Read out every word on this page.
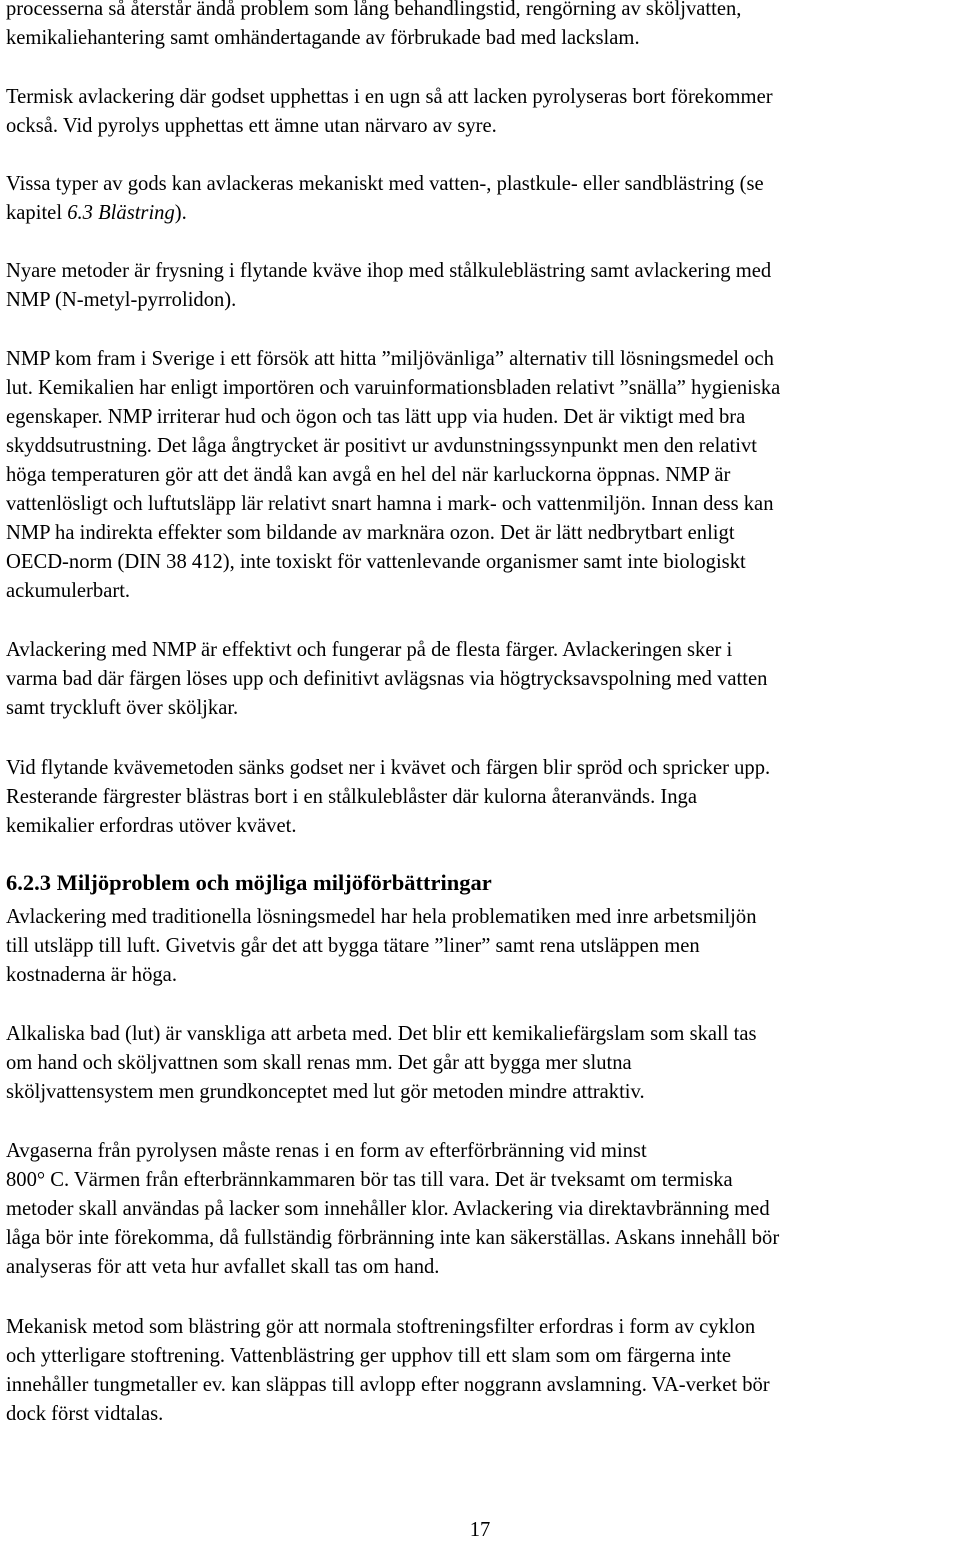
processerna så återstår ändå problem som lång behandlingstid, rengörning av sköljvatten,
kemikaliehantering samt omhändertagande av förbrukade bad med lackslam.

Termisk avlackering där godset upphettas i en ugn så att lacken pyrolyseras bort förekommer
också. Vid pyrolys upphettas ett ämne utan närvaro av syre.

Vissa typer av gods kan avlackeras mekaniskt med vatten-, plastkule- eller sandblästring (se
kapitel 6.3 Blästring).

Nyare metoder är frysning i flytande kväve ihop med stålkuleblästring samt avlackering med
NMP (N-metyl-pyrrolidon).

NMP kom fram i Sverige i ett försök att hitta ”miljövänliga” alternativ till lösningsmedel och
lut. Kemikalien har enligt importören och varuinformationsbladen relativt ”snälla” hygieniska
egenskaper. NMP irriterar hud och ögon och tas lätt upp via huden. Det är viktigt med bra
skyddsutrustning. Det låga ångtrycket är positivt ur avdunstningssynpunkt men den relativt
höga temperaturen gör att det ändå kan avgå en hel del när karluckorna öppnas. NMP är
vattenlösligt och luftutsläpp lär relativt snart hamna i mark- och vattenmiljön. Innan dess kan
NMP ha indirekta effekter som bildande av marknära ozon. Det är lätt nedbrytbart enligt
OECD-norm (DIN 38 412), inte toxiskt för vattenlevande organismer samt inte biologiskt
ackumulerbart.

Avlackering med NMP är effektivt och fungerar på de flesta färger. Avlackeringen sker i
varma bad där färgen löses upp och definitivt avlägsnas via högtrycksavspolning med vatten
samt tryckluft över sköljkar.

Vid flytande kvävemetoden sänks godset ner i kvävet och färgen blir spröd och spricker upp.
Resterande färgrester blästras bort i en stålkuleblåster där kulorna återanvänds. Inga
kemikalier erfordras utöver kvävet.

6.2.3 Miljöproblem och möjliga miljöförbättringar

Avlackering med traditionella lösningsmedel har hela problematiken med inre arbetsmiljön
till utsläpp till luft. Givetvis går det att bygga tätare ”liner” samt rena utsläppen men
kostnaderna är höga.

Alkaliska bad (lut) är vanskliga att arbeta med. Det blir ett kemikaliefärgslam som skall tas
om hand och sköljvattnen som skall renas mm. Det går att bygga mer slutna
sköljvattensystem men grundkonceptet med lut gör metoden mindre attraktiv.

Avgaserna från pyrolysen måste renas i en form av efterförbränning vid minst
800° C. Värmen från efterbrännkammaren bör tas till vara. Det är tveksamt om termiska
metoder skall användas på lacker som innehåller klor. Avlackering via direktavbränning med
låga bör inte förekomma, då fullständig förbränning inte kan säkerställas. Askans innehåll bör
analyseras för att veta hur avfallet skall tas om hand.

Mekanisk metod som blästring gör att normala stoftreningsfilter erfordras i form av cyklon
och ytterligare stoftrening. Vattenblästring ger upphov till ett slam som om färgerna inte
innehåller tungmetaller ev. kan släppas till avlopp efter noggrann avslamning. VA-verket bör
dock först vidtalas.

17
